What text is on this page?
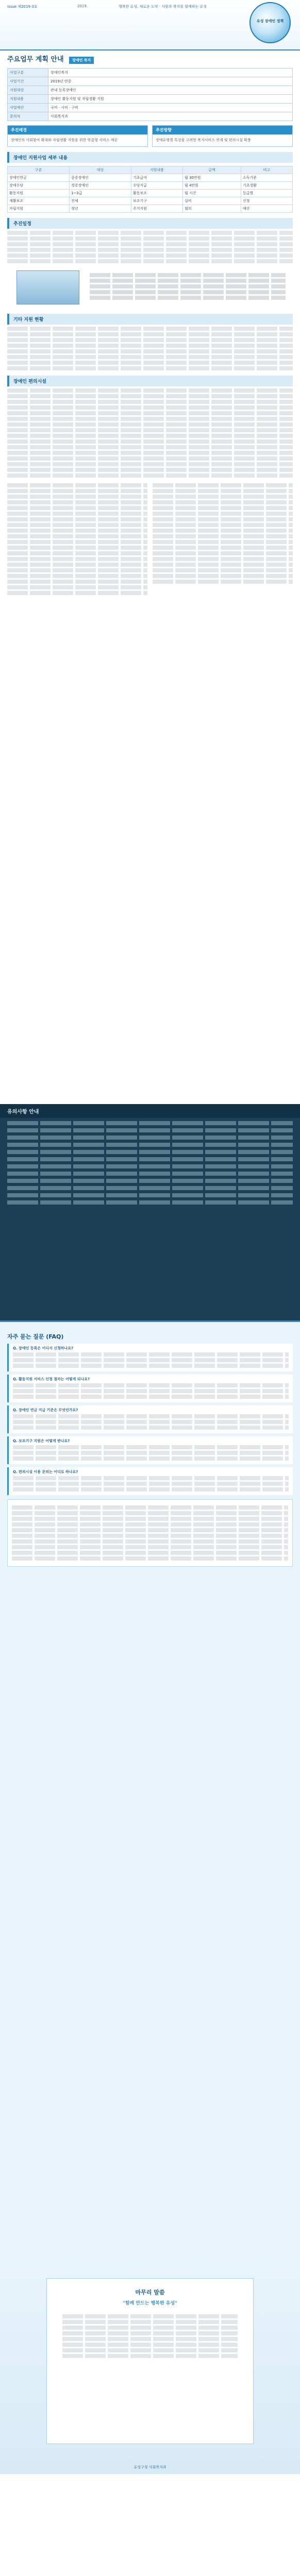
Issue 제2019-3호	2019.	행복한 유성, 새로운 도약 · 사람과 복지를 함께하는 유성
유성 장애인 정책
주요업무 계획 안내 장애인 복지
사업구분	장애인복지
사업기간	2019년 연중
지원대상	관내 등록장애인
지원내용	장애인 활동지원 및 자립생활 지원
사업예산	국비 · 시비 · 구비
문의처	사회복지과
추진배경
장애인의 사회참여 확대와 자립생활 지원을 위한 맞춤형 서비스 제공
추진방향
장애유형별 특성을 고려한 복지서비스 연계 및 편의시설 확충
장애인 지원사업 세부 내용
구분	대상	지원내용	금액	비고
장애인연금	중증장애인	기초급여	월 30만원	소득기준
장애수당	경증장애인	수당지급	월 4만원	기초생활
활동지원	1~3급	활동보조	월 시간	등급별
재활보조	전체	보조기구	실비	신청
자립지원	청년	주거지원	협의	예산
추진일정
기타 지원 현황
장애인 편의시설
유의사항 안내
자주 묻는 질문 (FAQ)
Q. 장애인 등록은 어디서 신청하나요?
Q. 활동지원 서비스 신청 절차는 어떻게 되나요?
Q. 장애인 연금 지급 기준은 무엇인가요?
Q. 보조기구 지원은 어떻게 받나요?
Q. 편의시설 이용 문의는 어디로 하나요?
마무리 말씀
"함께 만드는 행복한 유성"
유성구청 사회복지과
